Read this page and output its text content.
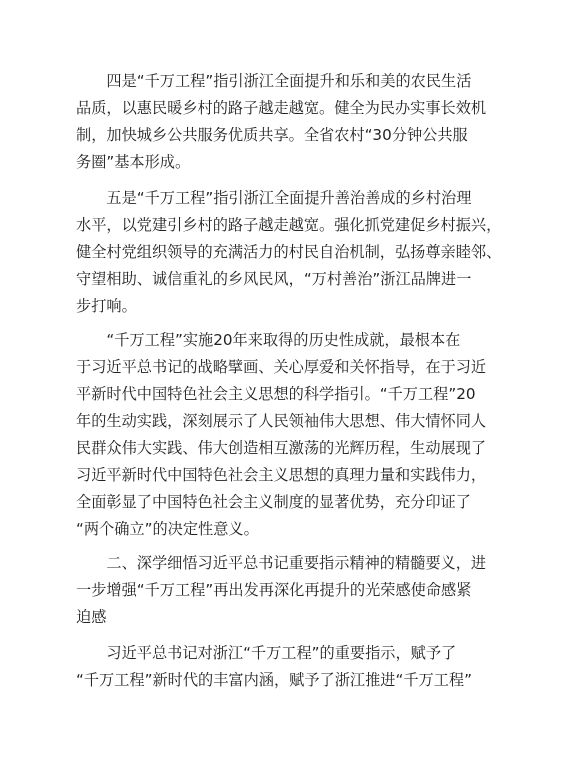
　　四是“千万工程”指引浙江全面提升和乐和美的农民生活
品质，以惠民暖乡村的路子越走越宽。健全为民办实事长效机
制，加快城乡公共服务优质共享。全省农村“30分钟公共服
务圈”基本形成。

　　五是“千万工程”指引浙江全面提升善治善成的乡村治理
水平，以党建引乡村的路子越走越宽。强化抓党建促乡村振兴，
健全村党组织领导的充满活力的村民自治机制，弘扬尊亲睦邻、
守望相助、诚信重礼的乡风民风，“万村善治”浙江品牌进一
步打响。

　　“千万工程”实施20年来取得的历史性成就，最根本在
于习近平总书记的战略擘画、关心厚爱和关怀指导，在于习近
平新时代中国特色社会主义思想的科学指引。“千万工程”20
年的生动实践，深刻展示了人民领袖伟大思想、伟大情怀同人
民群众伟大实践、伟大创造相互激荡的光辉历程，生动展现了
习近平新时代中国特色社会主义思想的真理力量和实践伟力，
全面彰显了中国特色社会主义制度的显著优势，充分印证了
“两个确立”的决定性意义。

　　二、深学细悟习近平总书记重要指示精神的精髓要义，进
一步增强“千万工程”再出发再深化再提升的光荣感使命感紧
迫感

　　习近平总书记对浙江“千万工程”的重要指示，赋予了
“千万工程”新时代的丰富内涵，赋予了浙江推进“千万工程”
